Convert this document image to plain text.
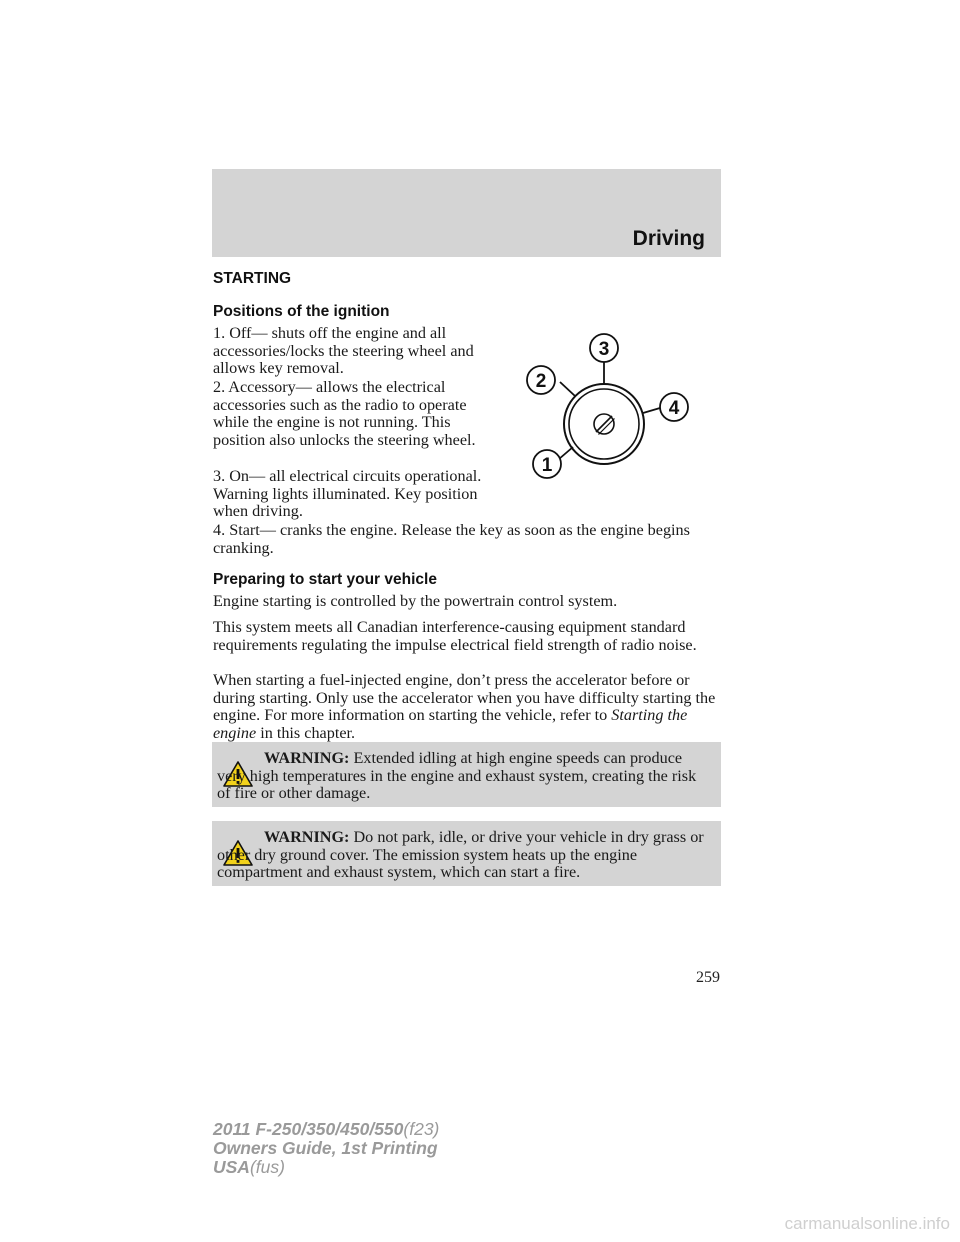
Driving
STARTING
Positions of the ignition
1. Off— shuts off the engine and all accessories/locks the steering wheel and allows key removal.
2. Accessory— allows the electrical accessories such as the radio to operate while the engine is not running. This position also unlocks the steering wheel.
3. On— all electrical circuits operational. Warning lights illuminated. Key position when driving.
4. Start— cranks the engine. Release the key as soon as the engine begins cranking.
3
2
4
1
Preparing to start your vehicle
Engine starting is controlled by the powertrain control system.
This system meets all Canadian interference-causing equipment standard requirements regulating the impulse electrical field strength of radio noise.
When starting a fuel-injected engine, don’t press the accelerator before or during starting. Only use the accelerator when you have difficulty starting the engine. For more information on starting the vehicle, refer to Starting the engine in this chapter.
WARNING: Extended idling at high engine speeds can produce very high temperatures in the engine and exhaust system, creating the risk of fire or other damage.
WARNING: Do not park, idle, or drive your vehicle in dry grass or other dry ground cover. The emission system heats up the engine compartment and exhaust system, which can start a fire.
259
2011 F-250/350/450/550(f23)
Owners Guide, 1st Printing
USA(fus)
carmanualsonline.info
